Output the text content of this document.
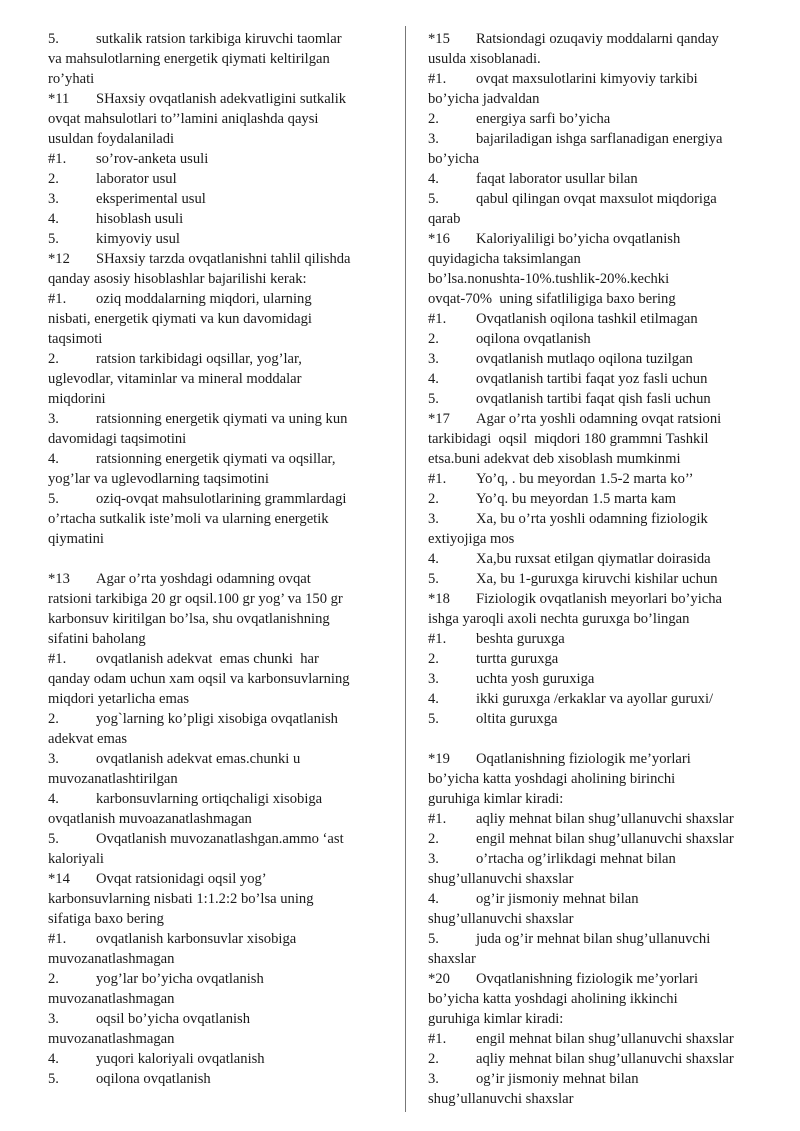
5.	sutkalik ratsion tarkibiga kiruvchi taomlar
va mahsulotlarning energetik qiymati keltirilgan
ro’yhati
*11 SHaxsiy ovqatlanish adekvatligini sutkalik
ovqat mahsulotlari to’’lamini aniqlashda qaysi
usuldan foydalaniladi
#1. so’rov-anketa usuli
2.	laborator usul
3.	eksperimental usul
4.	hisoblash usuli
5.	kimyoviy usul
*12 SHaxsiy tarzda ovqatlanishni tahlil qilishda
qanday asosiy hisoblashlar bajarilishi kerak:
#1. oziq moddalarning miqdori, ularning
nisbati, energetik qiymati va kun davomidagi
taqsimoti
2.	ratsion tarkibidagi oqsillar, yog’lar,
uglevodlar, vitaminlar va mineral moddalar
miqdorini
3.	ratsionning energetik qiymati va uning kun
davomidagi taqsimotini
4.	ratsionning energetik qiymati va oqsillar,
yog’lar va uglevodlarning taqsimotini
5.	oziq-ovqat mahsulotlarining grammlardagi
o’rtacha sutkalik iste’moli va ularning energetik
qiymatini
*13 Agar o’rta yoshdagi odamning ovqat
ratsioni tarkibiga 20 gr oqsil.100 gr yog’ va 150 gr
karbonsuv kiritilgan bo’lsa, shu ovqatlanishning
sifatini baholang
#1. ovqatlanish adekvat  emas chunki  har
qanday odam uchun xam oqsil va karbonsuvlarning
miqdori yetarlicha emas
2.	yog`larning ko’pligi xisobiga ovqatlanish
adekvat emas
3.	ovqatlanish adekvat emas.chunki u
muvozanatlashtirilgan
4.	karbonsuvlarning ortiqchaligi xisobiga
ovqatlanish muvoazanatlashmagan
5.	Ovqatlanish muvozanatlashgan.ammo ‘ast
kaloriyali
*14 Ovqat ratsionidagi oqsil yog’
karbonsuvlarning nisbati 1:1.2:2 bo’lsa uning
sifatiga baxo bering
#1. ovqatlanish karbonsuvlar xisobiga
muvozanatlashmagan
2.	yog’lar bo’yicha ovqatlanish
muvozanatlashmagan
3.	oqsil bo’yicha ovqatlanish
muvozanatlashmagan
4.	yuqori kaloriyali ovqatlanish
5.	oqilona ovqatlanish
*15 Ratsiondagi ozuqaviy moddalarni qanday
usulda xisoblanadi.
#1. ovqat maxsulotlarini kimyoviy tarkibi
bo’yicha jadvaldan
2.	energiya sarfi bo’yicha
3.	bajariladigan ishga sarflanadigan energiya
bo’yicha
4.	faqat laborator usullar bilan
5.	qabul qilingan ovqat maxsulot miqdoriga
qarab
*16 Kaloriyaliligi bo’yicha ovqatlanish
quyidagicha taksimlangan
bo’lsa.nonushta-10%.tushlik-20%.kechki
ovqat-70%  uning sifatliligiga baxo bering
#1. Ovqatlanish oqilona tashkil etilmagan
2.	oqilona ovqatlanish
3.	ovqatlanish mutlaqo oqilona tuzilgan
4.	ovqatlanish tartibi faqat yoz fasli uchun
5.	ovqatlanish tartibi faqat qish fasli uchun
*17 Agar o’rta yoshli odamning ovqat ratsioni
tarkibidagi  oqsil  miqdori 180 grammni Tashkil
etsa.buni adekvat deb xisoblash mumkinmi
#1. Yo’q, . bu meyordan 1.5-2 marta ko’’
2.	Yo’q. bu meyordan 1.5 marta kam
3.	Xa, bu o’rta yoshli odamning fiziologik
extiyojiga mos
4.	Xa,bu ruxsat etilgan qiymatlar doirasida
5.	Xa, bu 1-guruxga kiruvchi kishilar uchun
*18 Fiziologik ovqatlanish meyorlari bo’yicha
ishga yaroqli axoli nechta guruxga bo’lingan
#1. beshta guruxga
2.	turtta guruxga
3.	uchta yosh guruxiga
4.	ikki guruxga /erkaklar va ayollar guruxi/
5.	oltita guruxga
*19 Oqatlanishning fiziologik me’yorlari
bo’yicha katta yoshdagi aholining birinchi
guruhiga kimlar kiradi:
#1. aqliy mehnat bilan shug’ullanuvchi shaxslar
2.	engil mehnat bilan shug’ullanuvchi shaxslar
3.	o’rtacha og’irlikdagi mehnat bilan
shug’ullanuvchi shaxslar
4.	og’ir jismoniy mehnat bilan
shug’ullanuvchi shaxslar
5.	juda og’ir mehnat bilan shug’ullanuvchi
shaxslar
*20 Ovqatlanishning fiziologik me’yorlari
bo’yicha katta yoshdagi aholining ikkinchi
guruhiga kimlar kiradi:
#1. engil mehnat bilan shug’ullanuvchi shaxslar
2.	aqliy mehnat bilan shug’ullanuvchi shaxslar
3.	og’ir jismoniy mehnat bilan
shug’ullanuvchi shaxslar
